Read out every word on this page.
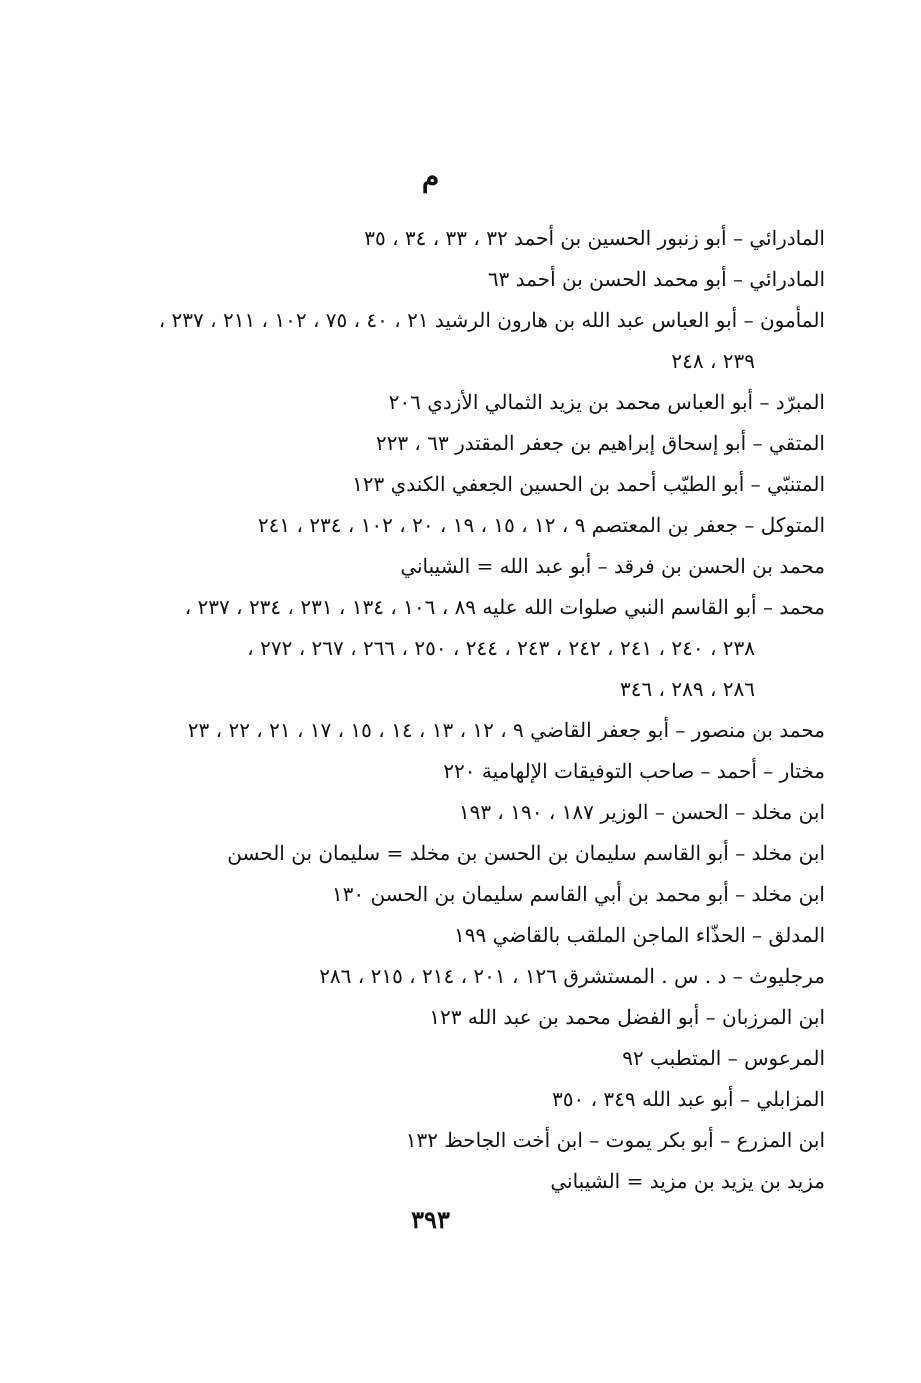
م
المادرائي – أبو زنبور الحسين بن أحمد ٣٢ ، ٣٣ ، ٣٤ ، ٣٥
المادرائي – أبو محمد الحسن بن أحمد ٦٣
المأمون – أبو العباس عبد الله بن هارون الرشيد ٢١ ، ٤٠ ، ٧٥ ، ١٠٢ ، ٢١١ ، ٢٣٧ ،
٢٣٩ ، ٢٤٨
المبرّد – أبو العباس محمد بن يزيد الثمالي الأزدي ٢٠٦
المتقي – أبو إسحاق إبراهيم بن جعفر المقتدر ٦٣ ، ٢٢٣
المتنبّي – أبو الطيّب أحمد بن الحسين الجعفي الكندي ١٢٣
المتوكل – جعفر بن المعتصم ٩ ، ١٢ ، ١٥ ، ١٩ ، ٢٠ ، ١٠٢ ، ٢٣٤ ، ٢٤١
محمد بن الحسن بن فرقد – أبو عبد الله = الشيباني
محمد – أبو القاسم النبي صلوات الله عليه ٨٩ ، ١٠٦ ، ١٣٤ ، ٢٣١ ، ٢٣٤ ، ٢٣٧ ،
٢٣٨ ، ٢٤٠ ، ٢٤١ ، ٢٤٢ ، ٢٤٣ ، ٢٤٤ ، ٢٥٠ ، ٢٦٦ ، ٢٦٧ ، ٢٧٢ ،
٢٨٦ ، ٢٨٩ ، ٣٤٦
محمد بن منصور – أبو جعفر القاضي ٩ ، ١٢ ، ١٣ ، ١٤ ، ١٥ ، ١٧ ، ٢١ ، ٢٢ ، ٢٣
مختار – أحمد – صاحب التوفيقات الإلهامية ٢٢٠
ابن مخلد – الحسن – الوزير ١٨٧ ، ١٩٠ ، ١٩٣
ابن مخلد – أبو القاسم سليمان بن الحسن بن مخلد = سليمان بن الحسن
ابن مخلد – أبو محمد بن أبي القاسم سليمان بن الحسن ١٣٠
المدلق – الحذّاء الماجن الملقب بالقاضي ١٩٩
مرجليوث – د . س . المستشرق ١٢٦ ، ٢٠١ ، ٢١٤ ، ٢١٥ ، ٢٨٦
ابن المرزبان – أبو الفضل محمد بن عبد الله ١٢٣
المرعوس – المتطبب ٩٢
المزابلي – أبو عبد الله ٣٤٩ ، ٣٥٠
ابن المزرع – أبو بكر يموت – ابن أخت الجاحظ ١٣٢
مزيد بن يزيد بن مزيد = الشيباني
٣٩٣
